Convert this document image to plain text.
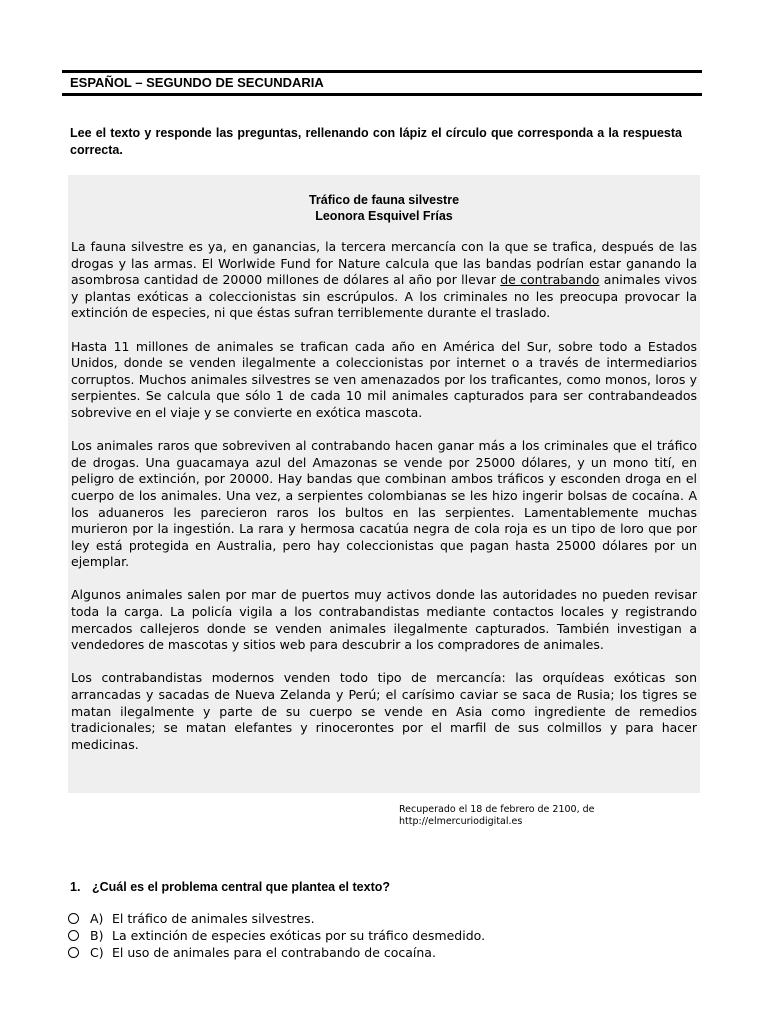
ESPAÑOL – SEGUNDO DE SECUNDARIA
Lee el texto y responde las preguntas, rellenando con lápiz el círculo que corresponda a la respuesta correcta.
Tráfico de fauna silvestre
Leonora Esquivel Frías

La fauna silvestre es ya, en ganancias, la tercera mercancía con la que se trafica, después de las drogas y las armas. El Worlwide Fund for Nature calcula que las bandas podrían estar ganando la asombrosa cantidad de 20000 millones de dólares al año por llevar de contrabando animales vivos y plantas exóticas a coleccionistas sin escrúpulos. A los criminales no les preocupa provocar la extinción de especies, ni que éstas sufran terriblemente durante el traslado.

Hasta 11 millones de animales se trafican cada año en América del Sur, sobre todo a Estados Unidos, donde se venden ilegalmente a coleccionistas por internet o a través de intermediarios corruptos. Muchos animales silvestres se ven amenazados por los traficantes, como monos, loros y serpientes. Se calcula que sólo 1 de cada 10 mil animales capturados para ser contrabandeados sobrevive en el viaje y se convierte en exótica mascota.

Los animales raros que sobreviven al contrabando hacen ganar más a los criminales que el tráfico de drogas. Una guacamaya azul del Amazonas se vende por 25000 dólares, y un mono tití, en peligro de extinción, por 20000. Hay bandas que combinan ambos tráficos y esconden droga en el cuerpo de los animales. Una vez, a serpientes colombianas se les hizo ingerir bolsas de cocaína. A los aduaneros les parecieron raros los bultos en las serpientes. Lamentablemente muchas murieron por la ingestión. La rara y hermosa cacatúa negra de cola roja es un tipo de loro que por ley está protegida en Australia, pero hay coleccionistas que pagan hasta 25000 dólares por un ejemplar.

Algunos animales salen por mar de puertos muy activos donde las autoridades no pueden revisar toda la carga. La policía vigila a los contrabandistas mediante contactos locales y registrando mercados callejeros donde se venden animales ilegalmente capturados. También investigan a vendedores de mascotas y sitios web para descubrir a los compradores de animales.

Los contrabandistas modernos venden todo tipo de mercancía: las orquídeas exóticas son arrancadas y sacadas de Nueva Zelanda y Perú; el carísimo caviar se saca de Rusia; los tigres se matan ilegalmente y parte de su cuerpo se vende en Asia como ingrediente de remedios tradicionales; se matan elefantes y rinocerontes por el marfil de sus colmillos y para hacer medicinas.

Recuperado el 18 de febrero de 2100, de
http://elmercuriodigital.es
1. ¿Cuál es el problema central que plantea el texto?
A) El tráfico de animales silvestres.
B) La extinción de especies exóticas por su tráfico desmedido.
C) El uso de animales para el contrabando de cocaína.
